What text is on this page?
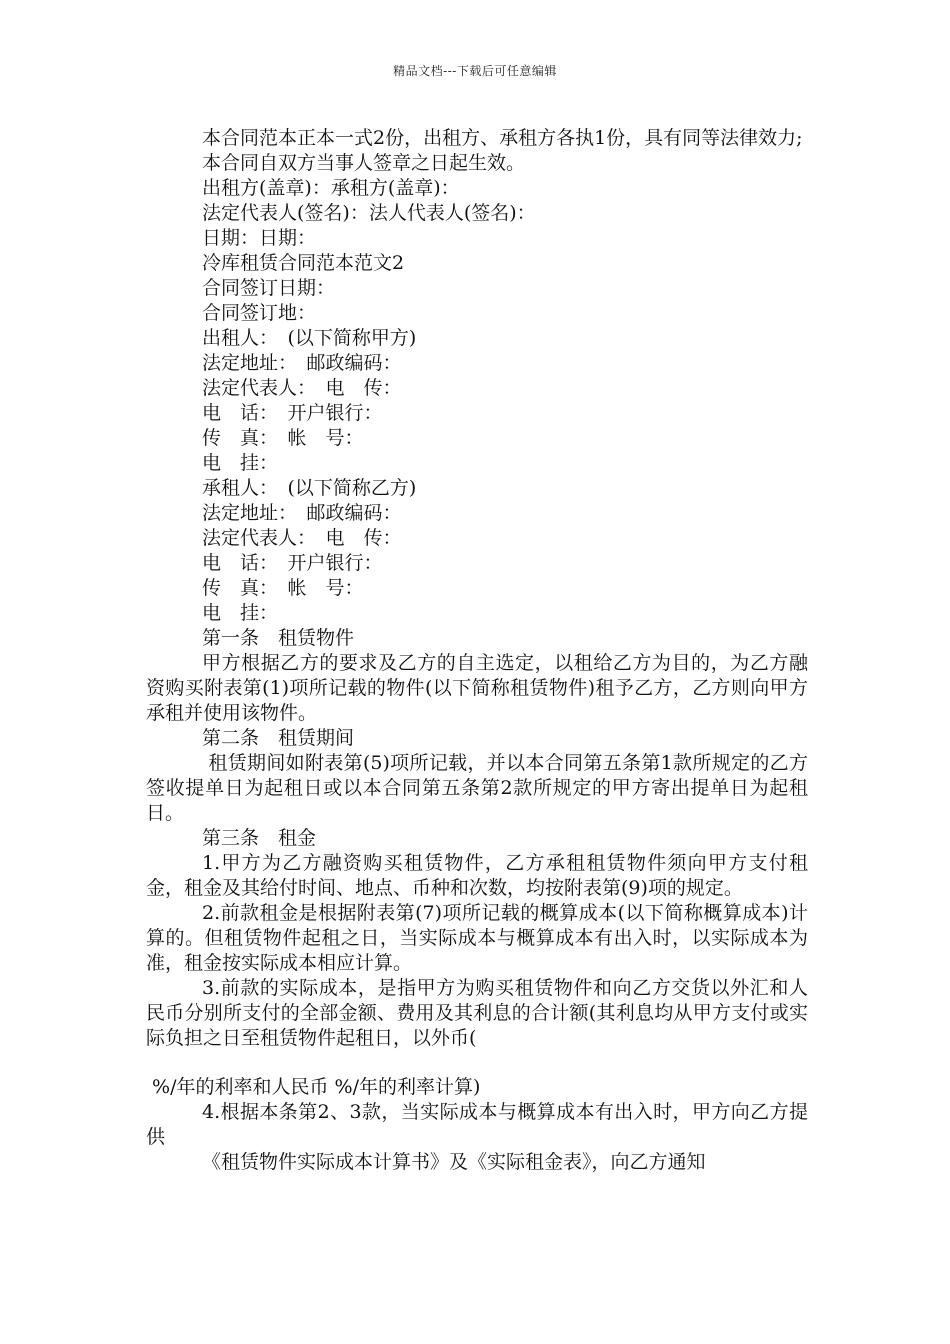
精品文档---下载后可任意编辑

本合同范本正本一式2份，出租方、承租方各执1份，具有同等法律效力;

本合同自双方当事人签章之日起生效。

出租方(盖章)：承租方(盖章)：

法定代表人(签名)：法人代表人(签名)：

日期：日期：

冷库租赁合同范本范文2

合同签订日期：

合同签订地：

出租人：　(以下简称甲方)

法定地址：　邮政编码：

法定代表人：　电　传：

电　话：　开户银行：

传　真：　帐　号：

电　挂：

承租人：　(以下简称乙方)

法定地址：　邮政编码：

法定代表人：　电　传：

电　话：　开户银行：

传　真：　帐　号：

电　挂：

第一条　租赁物件

甲方根据乙方的要求及乙方的自主选定，以租给乙方为目的，为乙方融资购买附表第(1)项所记载的物件(以下简称租赁物件)租予乙方，乙方则向甲方承租并使用该物件。

第二条　租赁期间

租赁期间如附表第(5)项所记载，并以本合同第五条第1款所规定的乙方签收提单日为起租日或以本合同第五条第2款所规定的甲方寄出提单日为起租日。

第三条　租金

1.甲方为乙方融资购买租赁物件，乙方承租租赁物件须向甲方支付租金，租金及其给付时间、地点、币种和次数，均按附表第(9)项的规定。

2.前款租金是根据附表第(7)项所记载的概算成本(以下简称概算成本)计算的。但租赁物件起租之日，当实际成本与概算成本有出入时，以实际成本为准，租金按实际成本相应计算。

3.前款的实际成本，是指甲方为购买租赁物件和向乙方交货以外汇和人民币分别所支付的全部金额、费用及其利息的合计额(其利息均从甲方支付或实际负担之日至租赁物件起租日，以外币(

%/年的利率和人民币 %/年的利率计算)

4.根据本条第2、3款，当实际成本与概算成本有出入时，甲方向乙方提供

《租赁物件实际成本计算书》及《实际租金表》，向乙方通知
